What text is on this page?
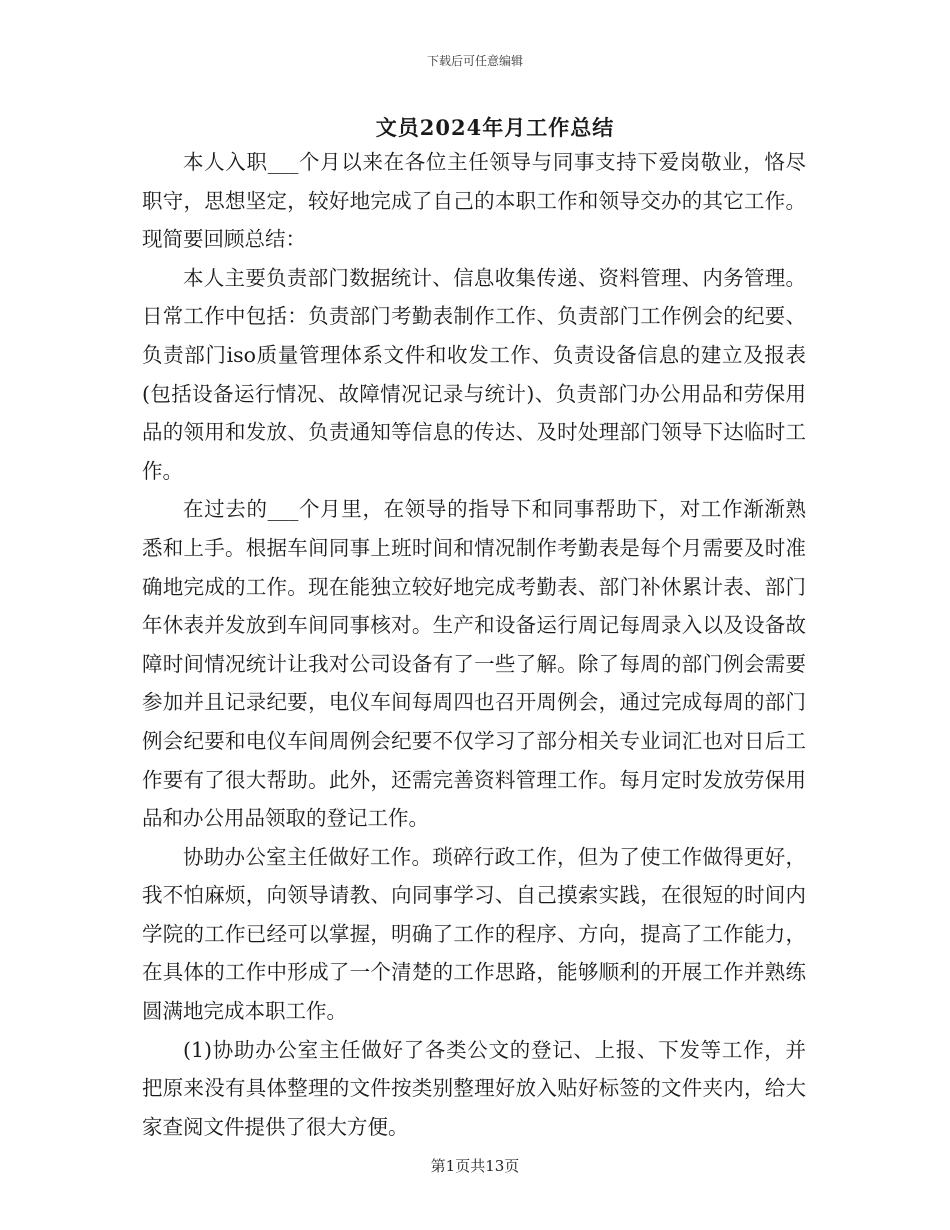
下载后可任意编辑
文员2024年月工作总结

本人入职___个月以来在各位主任领导与同事支持下爱岗敬业，恪尽职守，思想坚定，较好地完成了自己的本职工作和领导交办的其它工作。现简要回顾总结：

本人主要负责部门数据统计、信息收集传递、资料管理、内务管理。日常工作中包括：负责部门考勤表制作工作、负责部门工作例会的纪要、负责部门iso质量管理体系文件和收发工作、负责设备信息的建立及报表(包括设备运行情况、故障情况记录与统计)、负责部门办公用品和劳保用品的领用和发放、负责通知等信息的传达、及时处理部门领导下达临时工作。

在过去的___个月里，在领导的指导下和同事帮助下，对工作渐渐熟悉和上手。根据车间同事上班时间和情况制作考勤表是每个月需要及时准确地完成的工作。现在能独立较好地完成考勤表、部门补休累计表、部门年休表并发放到车间同事核对。生产和设备运行周记每周录入以及设备故障时间情况统计让我对公司设备有了一些了解。除了每周的部门例会需要参加并且记录纪要，电仪车间每周四也召开周例会，通过完成每周的部门例会纪要和电仪车间周例会纪要不仅学习了部分相关专业词汇也对日后工作要有了很大帮助。此外，还需完善资料管理工作。每月定时发放劳保用品和办公用品领取的登记工作。

协助办公室主任做好工作。琐碎行政工作，但为了使工作做得更好，我不怕麻烦，向领导请教、向同事学习、自己摸索实践，在很短的时间内学院的工作已经可以掌握，明确了工作的程序、方向，提高了工作能力，在具体的工作中形成了一个清楚的工作思路，能够顺利的开展工作并熟练圆满地完成本职工作。

(1)协助办公室主任做好了各类公文的登记、上报、下发等工作，并把原来没有具体整理的文件按类别整理好放入贴好标签的文件夹内，给大家查阅文件提供了很大方便。

第1页共13页
